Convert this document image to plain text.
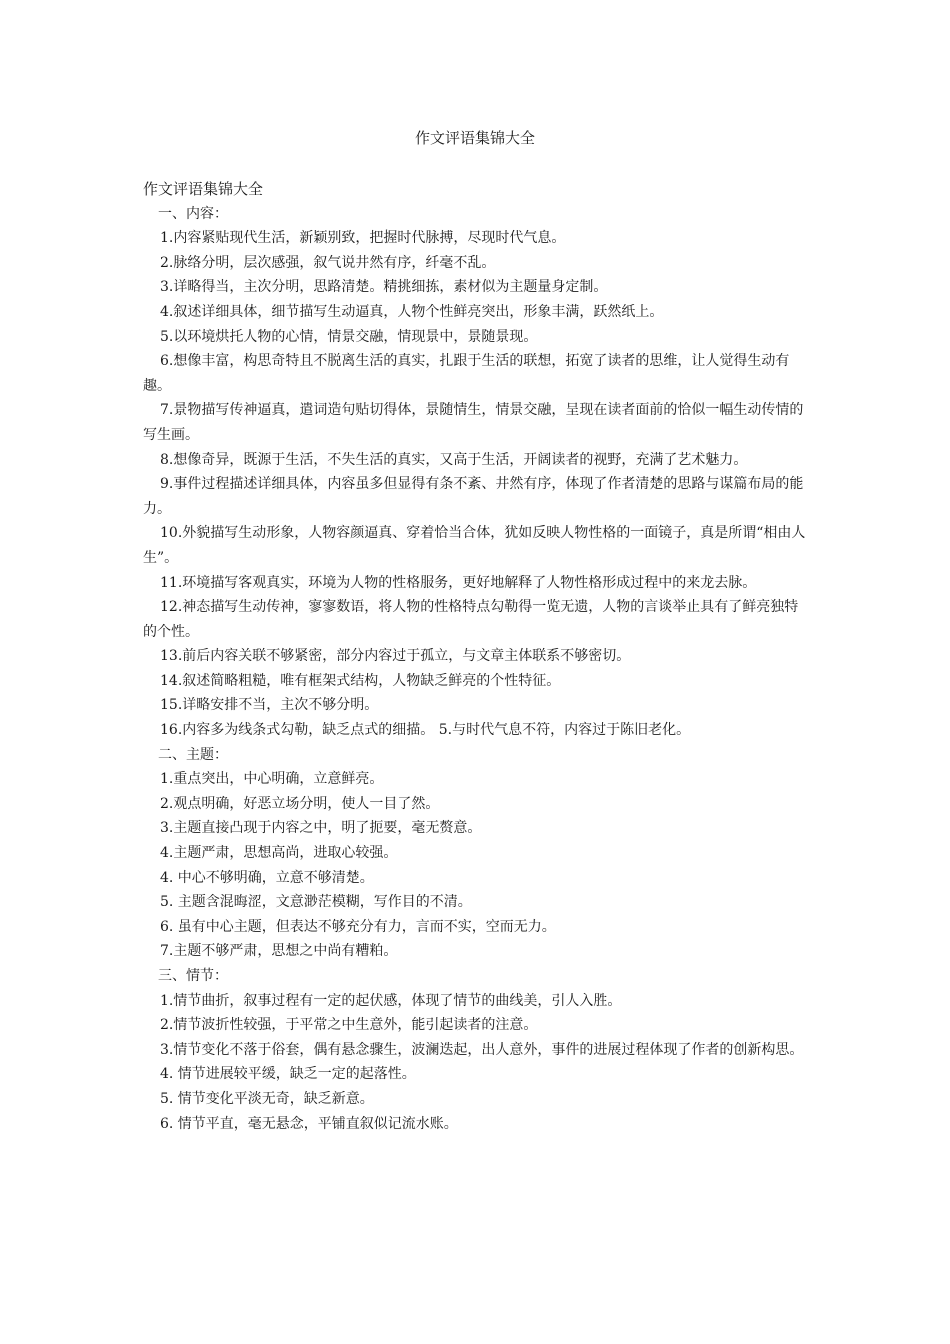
作文评语集锦大全

作文评语集锦大全

一、内容：

1.内容紧贴现代生活，新颖别致，把握时代脉搏，尽现时代气息。

2.脉络分明，层次感强，叙气说井然有序，纤毫不乱。

3.详略得当，主次分明，思路清楚。精挑细拣，素材似为主题量身定制。

4.叙述详细具体，细节描写生动逼真，人物个性鲜亮突出，形象丰满，跃然纸上。

5.以环境烘托人物的心情，情景交融，情现景中，景随景现。

6.想像丰富，构思奇特且不脱离生活的真实，扎跟于生活的联想，拓宽了读者的思维，让人觉得生动有趣。

7.景物描写传神逼真，遣词造句贴切得体，景随情生，情景交融，呈现在读者面前的恰似一幅生动传情的写生画。

8.想像奇异，既源于生活，不失生活的真实，又高于生活，开阔读者的视野，充满了艺术魅力。

9.事件过程描述详细具体，内容虽多但显得有条不紊、井然有序，体现了作者清楚的思路与谋篇布局的能力。

10.外貌描写生动形象，人物容颜逼真、穿着恰当合体，犹如反映人物性格的一面镜子，真是所谓“相由人生”。

11.环境描写客观真实，环境为人物的性格服务，更好地解释了人物性格形成过程中的来龙去脉。

12.神态描写生动传神，寥寥数语，将人物的性格特点勾勒得一览无遗，人物的言谈举止具有了鲜亮独特的个性。

13.前后内容关联不够紧密，部分内容过于孤立，与文章主体联系不够密切。

14.叙述简略粗糙，唯有框架式结构，人物缺乏鲜亮的个性特征。

15.详略安排不当，主次不够分明。

16.内容多为线条式勾勒，缺乏点式的细描。 5.与时代气息不符，内容过于陈旧老化。

二、主题：

1.重点突出，中心明确，立意鲜亮。

2.观点明确，好恶立场分明，使人一目了然。

3.主题直接凸现于内容之中，明了扼要，毫无赘意。

4.主题严肃，思想高尚，进取心较强。

4. 中心不够明确，立意不够清楚。

5. 主题含混晦涩，文意渺茫模糊，写作目的不清。

6. 虽有中心主题，但表达不够充分有力，言而不实，空而无力。

7.主题不够严肃，思想之中尚有糟粕。

三、情节：

1.情节曲折，叙事过程有一定的起伏感，体现了情节的曲线美，引人入胜。

2.情节波折性较强，于平常之中生意外，能引起读者的注意。

3.情节变化不落于俗套，偶有悬念骤生，波澜迭起，出人意外，事件的进展过程体现了作者的创新构思。

4. 情节进展较平缓，缺乏一定的起落性。

5. 情节变化平淡无奇，缺乏新意。

6. 情节平直，毫无悬念，平铺直叙似记流水账。
